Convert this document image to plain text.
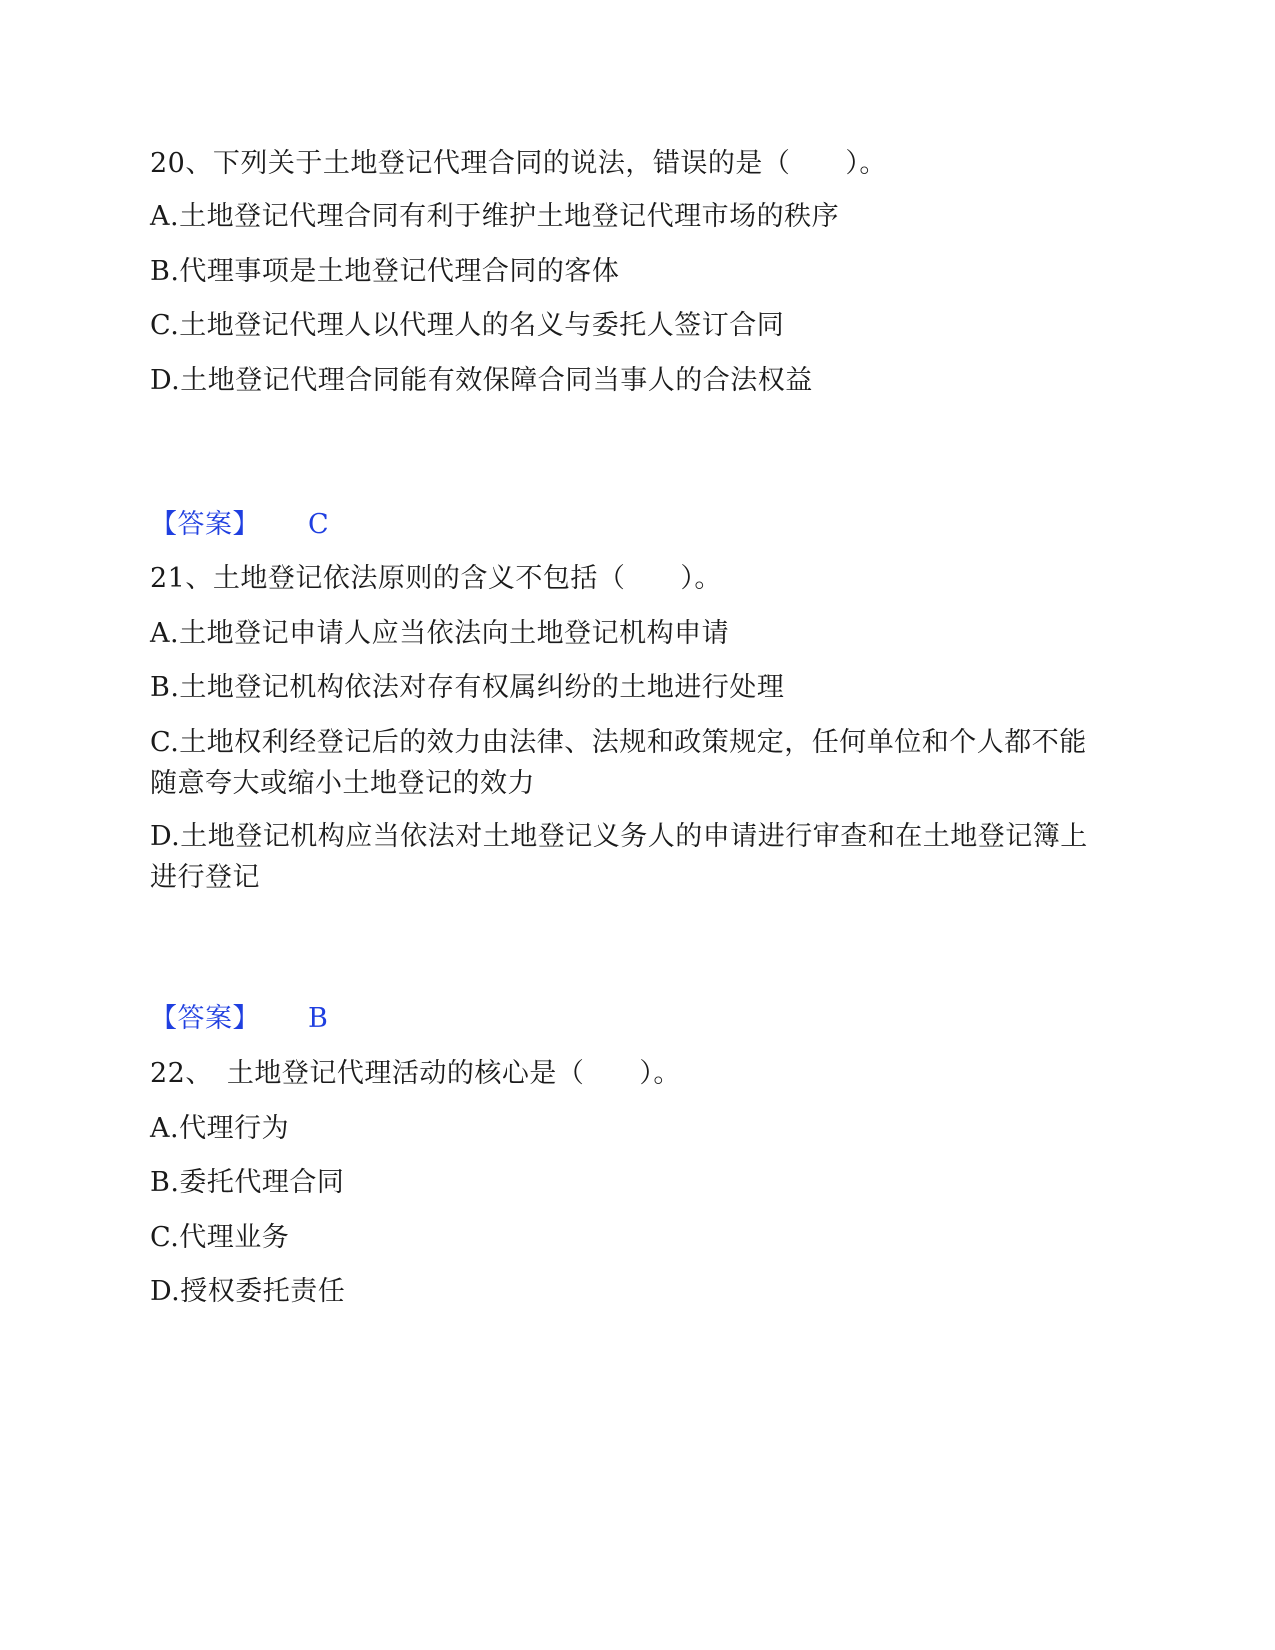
20、下列关于土地登记代理合同的说法，错误的是（　　）。
A.土地登记代理合同有利于维护土地登记代理市场的秩序
B.代理事项是土地登记代理合同的客体
C.土地登记代理人以代理人的名义与委托人签订合同
D.土地登记代理合同能有效保障合同当事人的合法权益
【答案】 C
21、土地登记依法原则的含义不包括（　　）。
A.土地登记申请人应当依法向土地登记机构申请
B.土地登记机构依法对存有权属纠纷的土地进行处理
C.土地权利经登记后的效力由法律、法规和政策规定，任何单位和个人都不能随意夸大或缩小土地登记的效力
D.土地登记机构应当依法对土地登记义务人的申请进行审查和在土地登记簿上进行登记
【答案】 B
22、　土地登记代理活动的核心是（　　）。
A.代理行为
B.委托代理合同
C.代理业务
D.授权委托责任
